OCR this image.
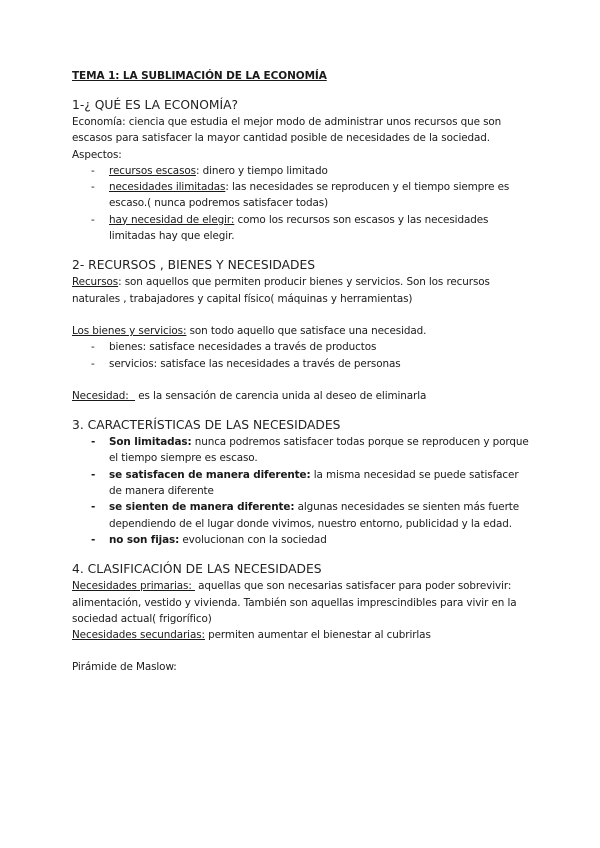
TEMA 1: LA SUBLIMACIÓN DE LA ECONOMÍA
1-¿ QUÉ ES LA ECONOMÍA?

Economía: ciencia que estudia el mejor modo de administrar unos recursos que son escasos para satisfacer la mayor cantidad posible de necesidades de la sociedad.

Aspectos:

- recursos escasos: dinero y tiempo limitado
- necesidades ilimitadas: las necesidades se reproducen y el tiempo siempre es escaso.( nunca podremos satisfacer todas)
- hay necesidad de elegir: como los recursos son escasos y las necesidades limitadas hay que elegir.
2- RECURSOS , BIENES Y NECESIDADES

Recursos: son aquellos que permiten producir bienes y servicios. Son los recursos naturales , trabajadores y capital físico( máquinas y herramientas)

Los bienes y servicios: son todo aquello que satisface una necesidad.

- bienes: satisface necesidades a través de productos
- servicios: satisface las necesidades a través de personas

Necesidad:   es la sensación de carencia unida al deseo de eliminarla

3. CARACTERÍSTICAS DE LAS NECESIDADES
- Son limitadas: nunca podremos satisfacer todas porque se reproducen y porque el tiempo siempre es escaso.
- se satisfacen de manera diferente: la misma necesidad se puede satisfacer de manera diferente
- se sienten de manera diferente: algunas necesidades se sienten más fuerte dependiendo de el lugar donde vivimos, nuestro entorno, publicidad y la edad.
- no son fijas: evolucionan con la sociedad
4. CLASIFICACIÓN DE LAS NECESIDADES

Necesidades primarias:  aquellas que son necesarias satisfacer para poder sobrevivir: alimentación, vestido y vivienda. También son aquellas imprescindibles para vivir en la sociedad actual( frigorífico)

Necesidades secundarias: permiten aumentar el bienestar al cubrirlas

Pirámide de Maslow:
